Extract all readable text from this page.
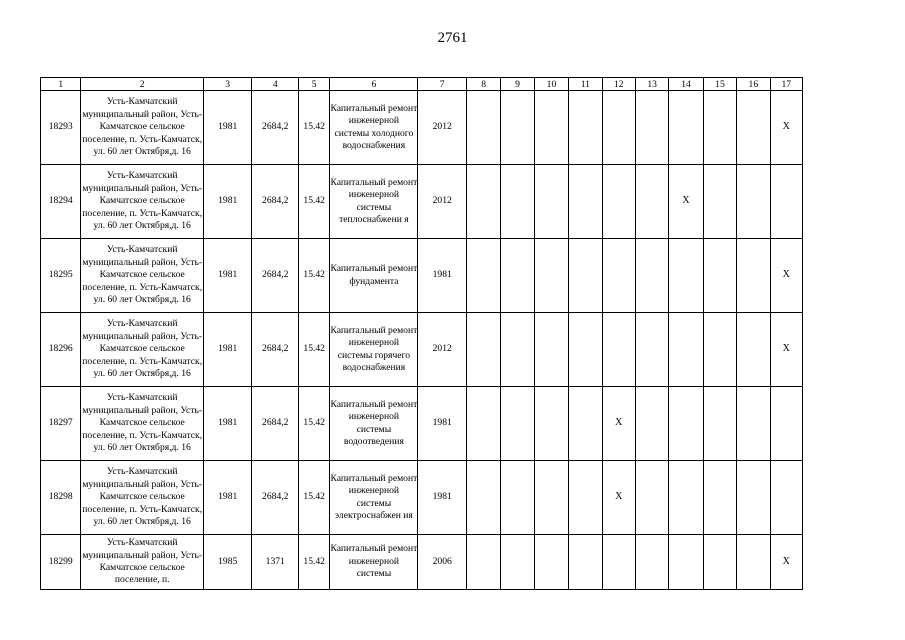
2761
1	2	3	4	5	6	7	8	9	10	11	12	13	14	15	16	17
18293	Усть-Камчатский муниципальный район, Усть-Камчатское сельское поселение, п. Усть-Камчатск, ул. 60 лет Октября,д. 16	1981	2684,2	15.42	Капитальный ремонт инженерной системы холодного водоснабжения	2012										X
18294	Усть-Камчатский муниципальный район, Усть-Камчатское сельское поселение, п. Усть-Камчатск, ул. 60 лет Октября,д. 16	1981	2684,2	15.42	Капитальный ремонт инженерной системы теплоснабжени я	2012							X			
18295	Усть-Камчатский муниципальный район, Усть-Камчатское сельское поселение, п. Усть-Камчатск, ул. 60 лет Октября,д. 16	1981	2684,2	15.42	Капитальный ремонт фундамента	1981										X
18296	Усть-Камчатский муниципальный район, Усть-Камчатское сельское поселение, п. Усть-Камчатск, ул. 60 лет Октября,д. 16	1981	2684,2	15.42	Капитальный ремонт инженерной системы горячего водоснабжения	2012										X
18297	Усть-Камчатский муниципальный район, Усть-Камчатское сельское поселение, п. Усть-Камчатск, ул. 60 лет Октября,д. 16	1981	2684,2	15.42	Капитальный ремонт инженерной системы водоотведения	1981					X					
18298	Усть-Камчатский муниципальный район, Усть-Камчатское сельское поселение, п. Усть-Камчатск, ул. 60 лет Октября,д. 16	1981	2684,2	15.42	Капитальный ремонт инженерной системы электроснабжен ия	1981					X					
18299	Усть-Камчатский муниципальный район, Усть-Камчатское сельское поселение, п.	1985	1371	15.42	Капитальный ремонт инженерной системы	2006										X
